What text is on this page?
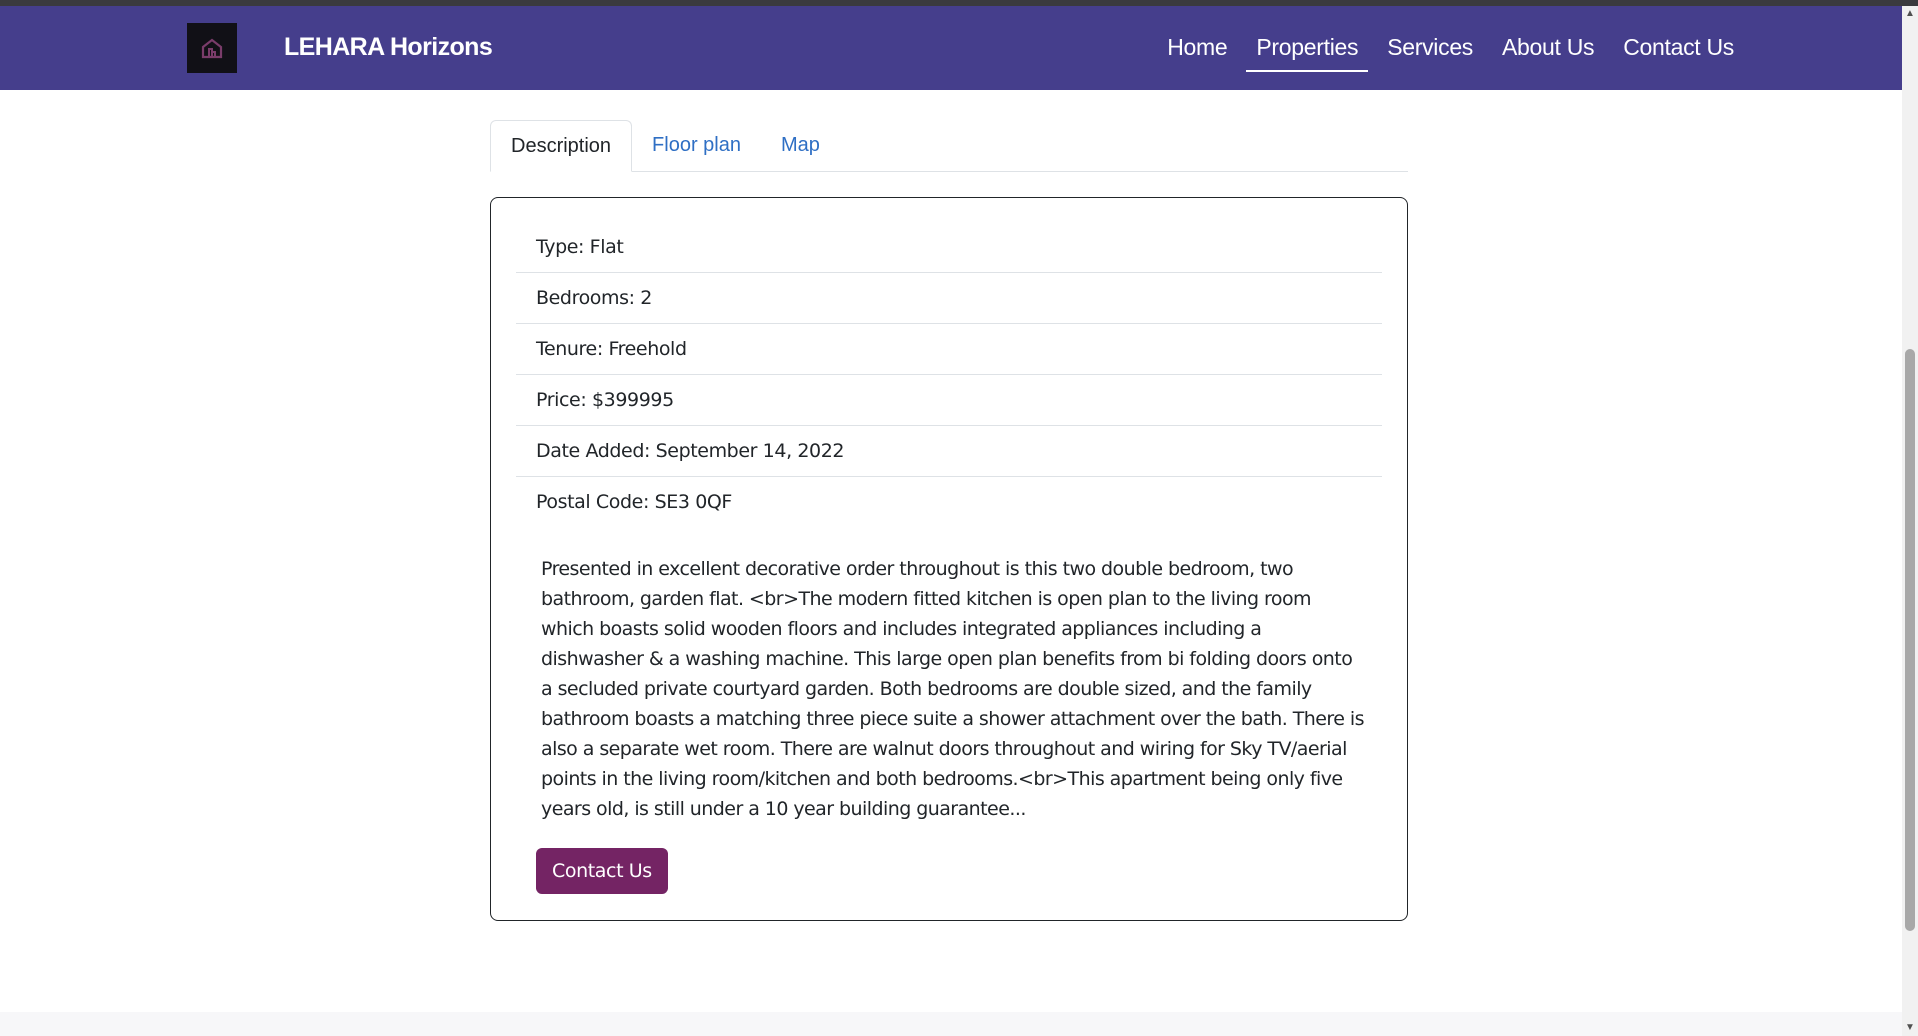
LEHARA Horizons	Home	Properties	Services	About Us	Contact Us
Description	Floor plan	Map
Type: Flat
Bedrooms: 2
Tenure: Freehold
Price: $399995
Date Added: September 14, 2022
Postal Code: SE3 0QF

Presented in excellent decorative order throughout is this two double bedroom, two bathroom, garden flat. <br>The modern fitted kitchen is open plan to the living room which boasts solid wooden floors and includes integrated appliances including a dishwasher & a washing machine. This large open plan benefits from bi folding doors onto a secluded private courtyard garden. Both bedrooms are double sized, and the family bathroom boasts a matching three piece suite a shower attachment over the bath. There is also a separate wet room. There are walnut doors throughout and wiring for Sky TV/aerial points in the living room/kitchen and both bedrooms.<br>This apartment being only five years old, is still under a 10 year building guarantee...

Contact Us
▲
▼
